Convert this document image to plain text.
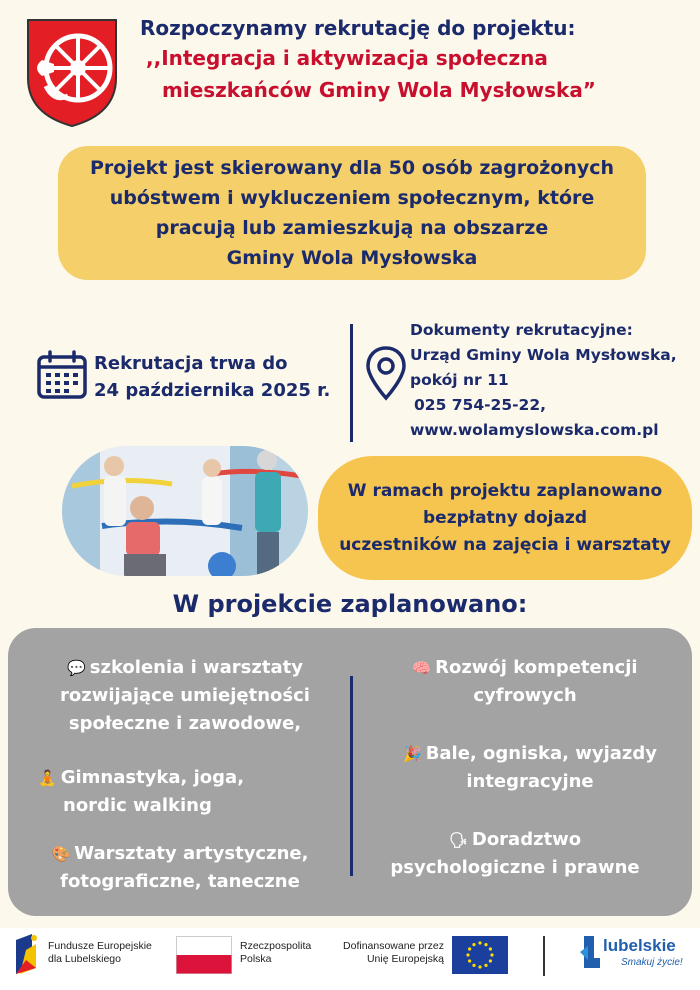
Rozpoczynamy rekrutację do projektu:
,,Integracja i aktywizacja społeczna
mieszkańców Gminy Wola Mysłowska”
Projekt jest skierowany dla 50 osób zagrożonych
ubóstwem i wykluczeniem społecznym, które
pracują lub zamieszkują na obszarze
Gminy Wola Mysłowska
Rekrutacja trwa do
24 października 2025 r.
Dokumenty rekrutacyjne:
Urząd Gminy Wola Mysłowska,
pokój nr 11
025 754-25-22,
www.wolamyslowska.com.pl
W ramach projektu zaplanowano
bezpłatny dojazd
uczestników na zajęcia i warsztaty
W projekcie zaplanowano:
💬 szkolenia i warsztaty
rozwijające umiejętności
społeczne i zawodowe,
🧘 Gimnastyka, joga,
nordic walking
🎨 Warsztaty artystyczne,
fotograficzne, taneczne
🧠 Rozwój kompetencji
cyfrowych
🎉 Bale, ogniska, wyjazdy
integracyjne
🗣 Doradztwo
psychologiczne i prawne
Fundusze Europejskie
dla Lubelskiego
Rzeczpospolita
Polska
Dofinansowane przez
Unię Europejską
lubelskie
Smakuj życie!
